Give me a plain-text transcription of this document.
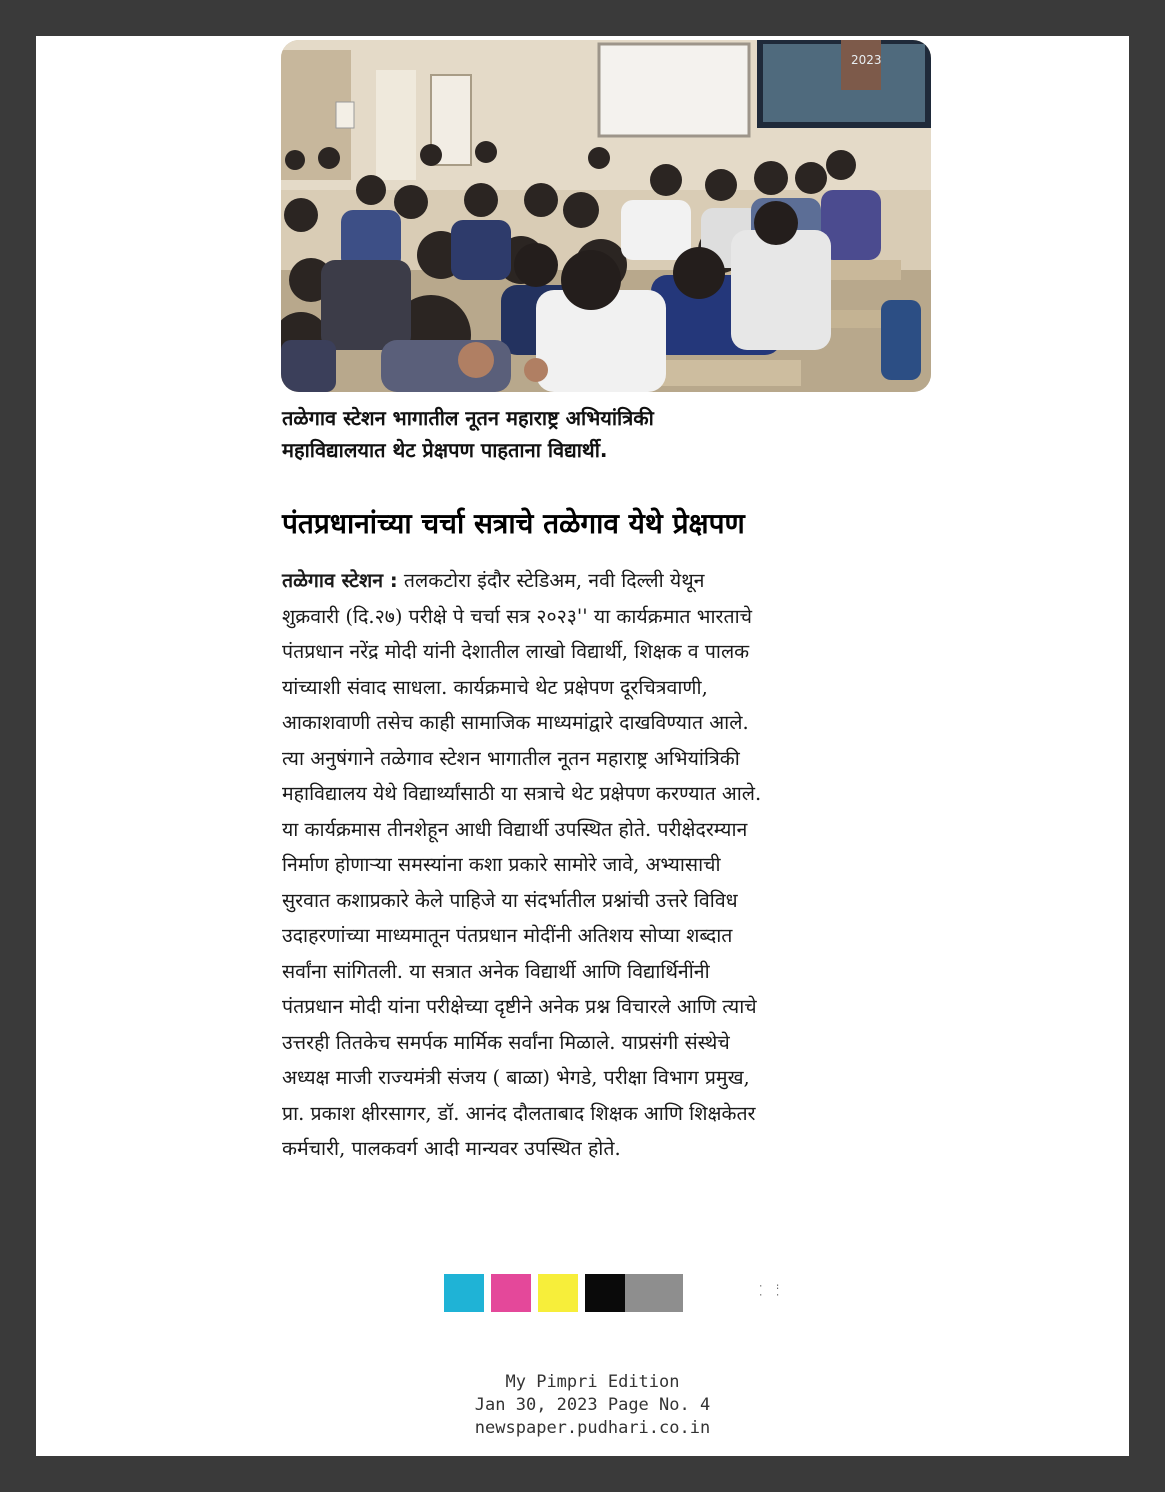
2023
तळेगाव स्टेशन भागातील नूतन महाराष्ट्र अभियांत्रिकी
महाविद्यालयात थेट प्रेक्षपण पाहताना विद्यार्थी.
पंतप्रधानांच्या चर्चा सत्राचे तळेगाव येथे प्रेक्षपण
तळेगाव स्टेशन : तलकटोरा इंदौर स्टेडिअम, नवी दिल्ली येथून
शुक्रवारी (दि.२७) परीक्षे पे चर्चा सत्र २०२३'' या कार्यक्रमात भारताचे
पंतप्रधान नरेंद्र मोदी यांनी देशातील लाखो विद्यार्थी, शिक्षक व पालक
यांच्याशी संवाद साधला. कार्यक्रमाचे थेट प्रक्षेपण दूरचित्रवाणी,
आकाशवाणी तसेच काही सामाजिक माध्यमांद्वारे दाखविण्यात आले.
त्या अनुषंगाने तळेगाव स्टेशन भागातील नूतन महाराष्ट्र अभियांत्रिकी
महाविद्यालय येथे विद्यार्थ्यांसाठी या सत्राचे थेट प्रक्षेपण करण्यात आले.
या कार्यक्रमास तीनशेहून आधी विद्यार्थी उपस्थित होते. परीक्षेदरम्यान
निर्माण होणाऱ्या समस्यांना कशा प्रकारे सामोरे जावे, अभ्यासाची
सुरवात कशाप्रकारे केले पाहिजे या संदर्भातील प्रश्नांची उत्तरे विविध
उदाहरणांच्या माध्यमातून पंतप्रधान मोदींनी अतिशय सोप्या शब्दात
सर्वांना सांगितली. या सत्रात अनेक विद्यार्थी आणि विद्यार्थिनींनी
पंतप्रधान मोदी यांना परीक्षेच्या दृष्टीने अनेक प्रश्न विचारले आणि त्याचे
उत्तरही तितकेच समर्पक मार्मिक सर्वांना मिळाले. याप्रसंगी संस्थेचे
अध्यक्ष माजी राज्यमंत्री संजय ( बाळा) भेगडे, परीक्षा विभाग प्रमुख,
प्रा. प्रकाश क्षीरसागर, डॉ. आनंद दौलताबाद शिक्षक आणि शिक्षकेतर
कर्मचारी, पालकवर्ग आदी मान्यवर उपस्थित होते.
· :
· ·
My Pimpri Edition
Jan 30, 2023 Page No. 4
newspaper.pudhari.co.in
